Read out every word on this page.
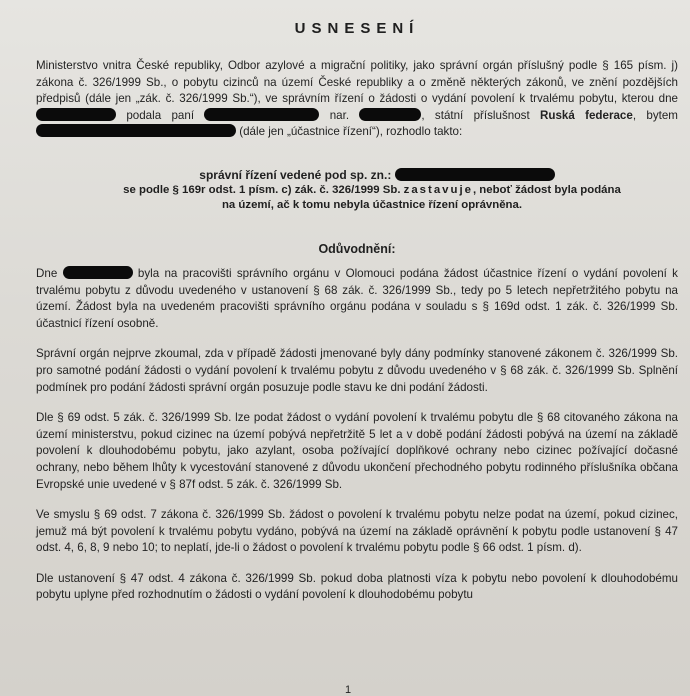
USNESENÍ
Ministerstvo vnitra České republiky, Odbor azylové a migrační politiky, jako správní orgán příslušný podle § 165 písm. j) zákona č. 326/1999 Sb., o pobytu cizinců na území České republiky a o změně některých zákonů, ve znění pozdějších předpisů (dále jen „zák. č. 326/1999 Sb.“), ve správním řízení o žádosti o vydání povolení k trvalému pobytu, kterou dne  podala paní	nar.	, státní příslušnost Ruská federace, bytem  (dále jen „účastnice řízení“), rozhodlo takto:
správní řízení vedené pod sp. zn.:
se podle § 169r odst. 1 písm. c) zák. č. 326/1999 Sb. zastavuje, neboť žádost byla podána
na území, ač k tomu nebyla účastnice řízení oprávněna.
Odůvodnění:
Dne	byla na pracovišti správního orgánu v Olomouci podána žádost účastnice řízení o vydání povolení k trvalému pobytu z důvodu uvedeného v ustanovení § 68 zák. č. 326/1999 Sb., tedy po 5 letech nepřetržitého pobytu na území. Žádost byla na uvedeném pracovišti správního orgánu podána v souladu s § 169d odst. 1 zák. č. 326/1999 Sb. účastnicí řízení osobně.
Správní orgán nejprve zkoumal, zda v případě žádosti jmenované byly dány podmínky stanovené zákonem č. 326/1999 Sb. pro samotné podání žádosti o vydání povolení k trvalému pobytu z důvodu uvedeného v § 68 zák. č. 326/1999 Sb. Splnění podmínek pro podání žádosti správní orgán posuzuje podle stavu ke dni podání žádosti.
Dle § 69 odst. 5 zák. č. 326/1999 Sb. lze podat žádost o vydání povolení k trvalému pobytu dle § 68 citovaného zákona na území ministerstvu, pokud cizinec na území pobývá nepřetržitě 5 let a v době podání žádosti pobývá na území na základě povolení k dlouhodobému pobytu, jako azylant, osoba požívající doplňkové ochrany nebo cizinec požívající dočasné ochrany, nebo během lhůty k vycestování stanovené z důvodu ukončení přechodného pobytu rodinného příslušníka občana Evropské unie uvedené v § 87f odst. 5 zák. č. 326/1999 Sb.
Ve smyslu § 69 odst. 7 zákona č. 326/1999 Sb. žádost o povolení k trvalému pobytu nelze podat na území, pokud cizinec, jemuž má být povolení k trvalému pobytu vydáno, pobývá na území na základě oprávnění k pobytu podle ustanovení § 47 odst. 4, 6, 8, 9 nebo 10; to neplatí, jde-li o žádost o povolení k trvalému pobytu podle § 66 odst. 1 písm. d).
Dle ustanovení § 47 odst. 4 zákona č. 326/1999 Sb. pokud doba platnosti víza k pobytu nebo povolení k dlouhodobému pobytu uplyne před rozhodnutím o žádosti o vydání povolení k dlouhodobému pobytu
1
